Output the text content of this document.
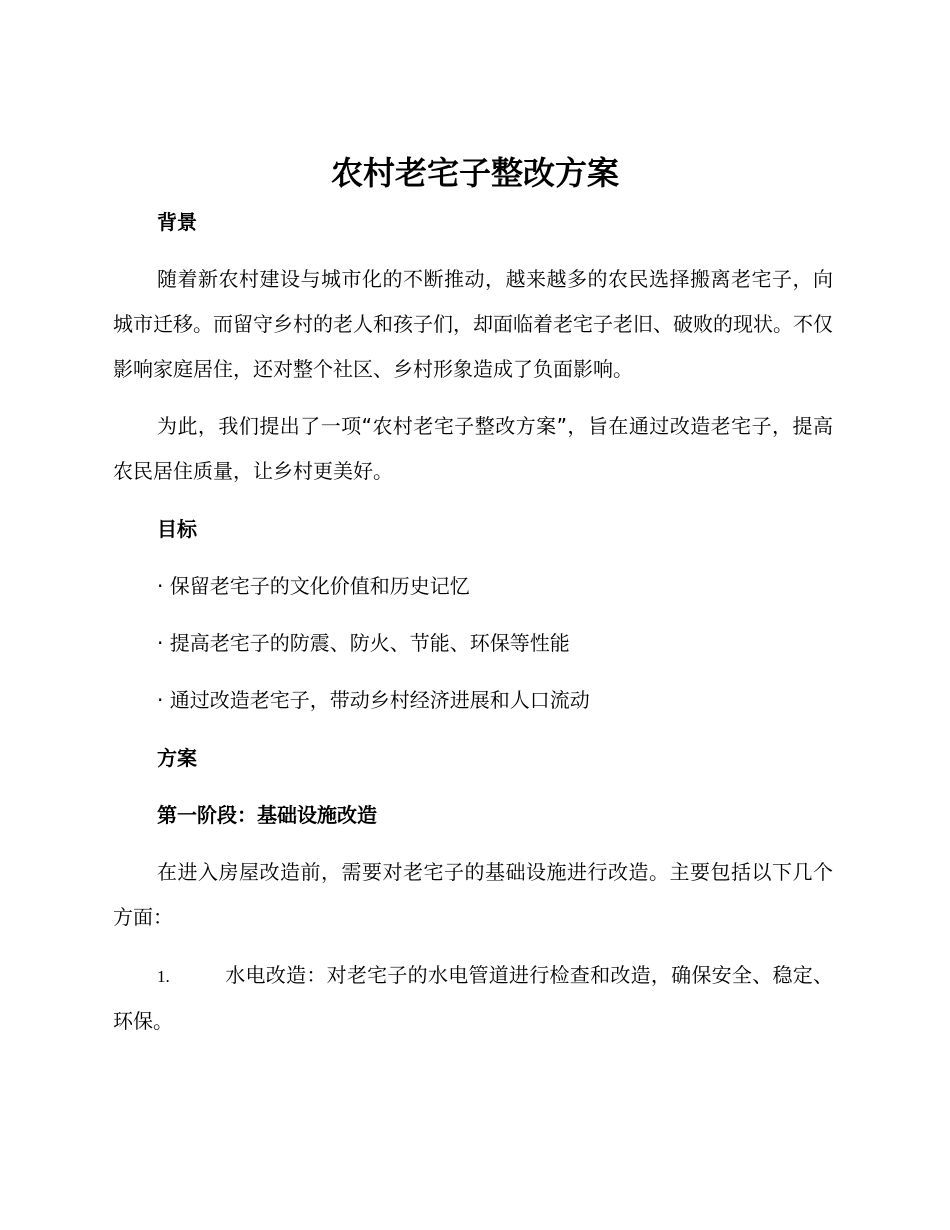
农村老宅子整改方案
背景

随着新农村建设与城市化的不断推动，越来越多的农民选择搬离老宅子，向城市迁移。而留守乡村的老人和孩子们，却面临着老宅子老旧、破败的现状。不仅影响家庭居住，还对整个社区、乡村形象造成了负面影响。

为此，我们提出了一项“农村老宅子整改方案”，旨在通过改造老宅子，提高农民居住质量，让乡村更美好。

目标

· 保留老宅子的文化价值和历史记忆

· 提高老宅子的防震、防火、节能、环保等性能

· 通过改造老宅子，带动乡村经济进展和人口流动

方案
第一阶段：基础设施改造

在进入房屋改造前，需要对老宅子的基础设施进行改造。主要包括以下几个方面：

1.	水电改造：对老宅子的水电管道进行检查和改造，确保安全、稳定、环保。
